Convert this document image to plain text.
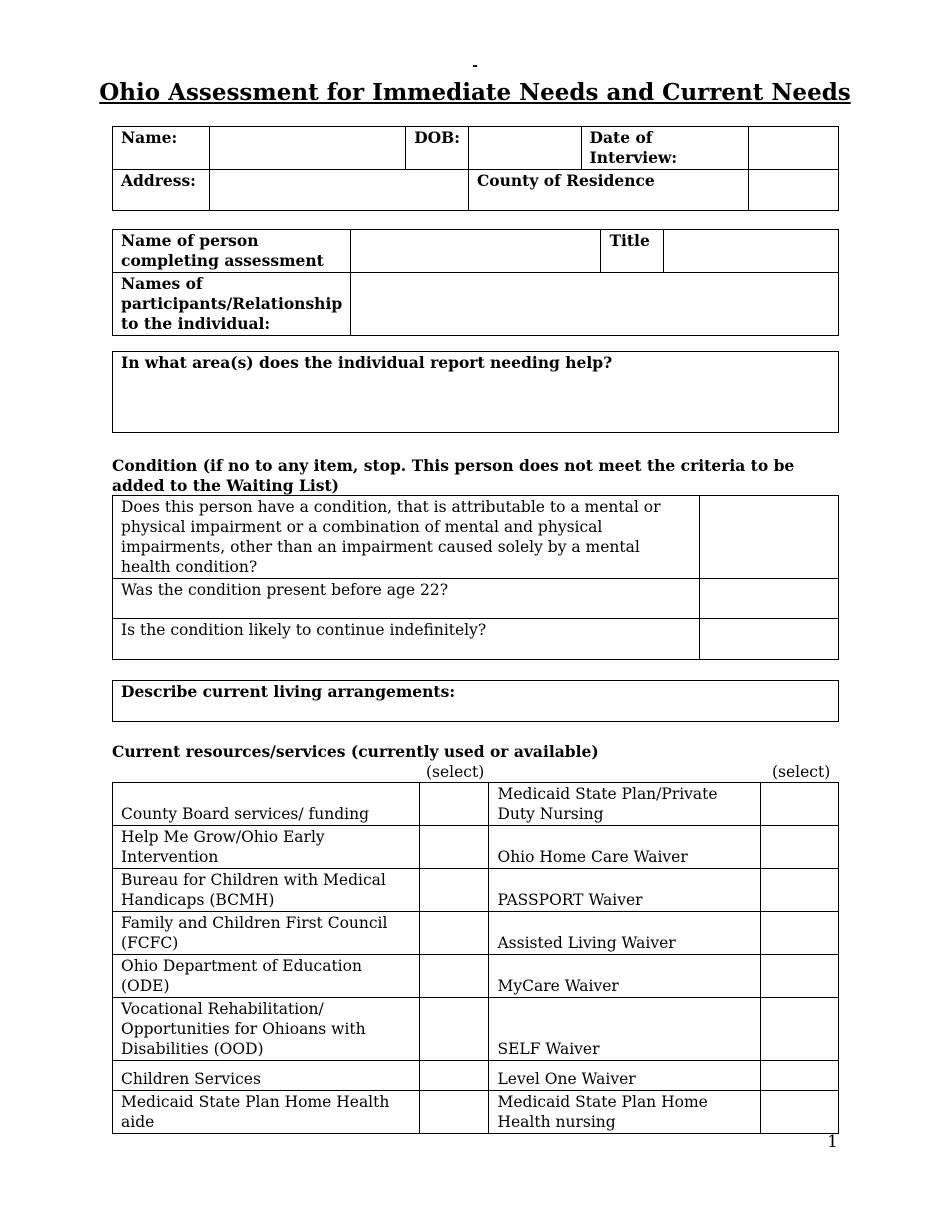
-
Ohio Assessment for Immediate Needs and Current Needs
Name:		DOB:		Date of Interview:	
Address:			County of Residence		
Name of person completing assessment		Title	
Names of participants/Relationship to the individual:			
In what area(s) does the individual report needing help?
Condition (if no to any item, stop. This person does not meet the criteria to be added to the Waiting List)
Does this person have a condition, that is attributable to a mental or physical impairment or a combination of mental and physical impairments, other than an impairment caused solely by a mental health condition?	
Was the condition present before age 22?	
Is the condition likely to continue indefinitely?	
Describe current living arrangements:
Current resources/services (currently used or available)
(select)	(select)
County Board services/ funding		Medicaid State Plan/Private Duty Nursing	
Help Me Grow/Ohio Early Intervention		Ohio Home Care Waiver	
Bureau for Children with Medical Handicaps (BCMH)		PASSPORT Waiver	
Family and Children First Council (FCFC)		Assisted Living Waiver	
Ohio Department of Education (ODE)		MyCare Waiver	
Vocational Rehabilitation/ Opportunities for Ohioans with Disabilities (OOD)		SELF Waiver	
Children Services		Level One Waiver	
Medicaid State Plan Home Health aide		Medicaid State Plan Home Health nursing	
1
